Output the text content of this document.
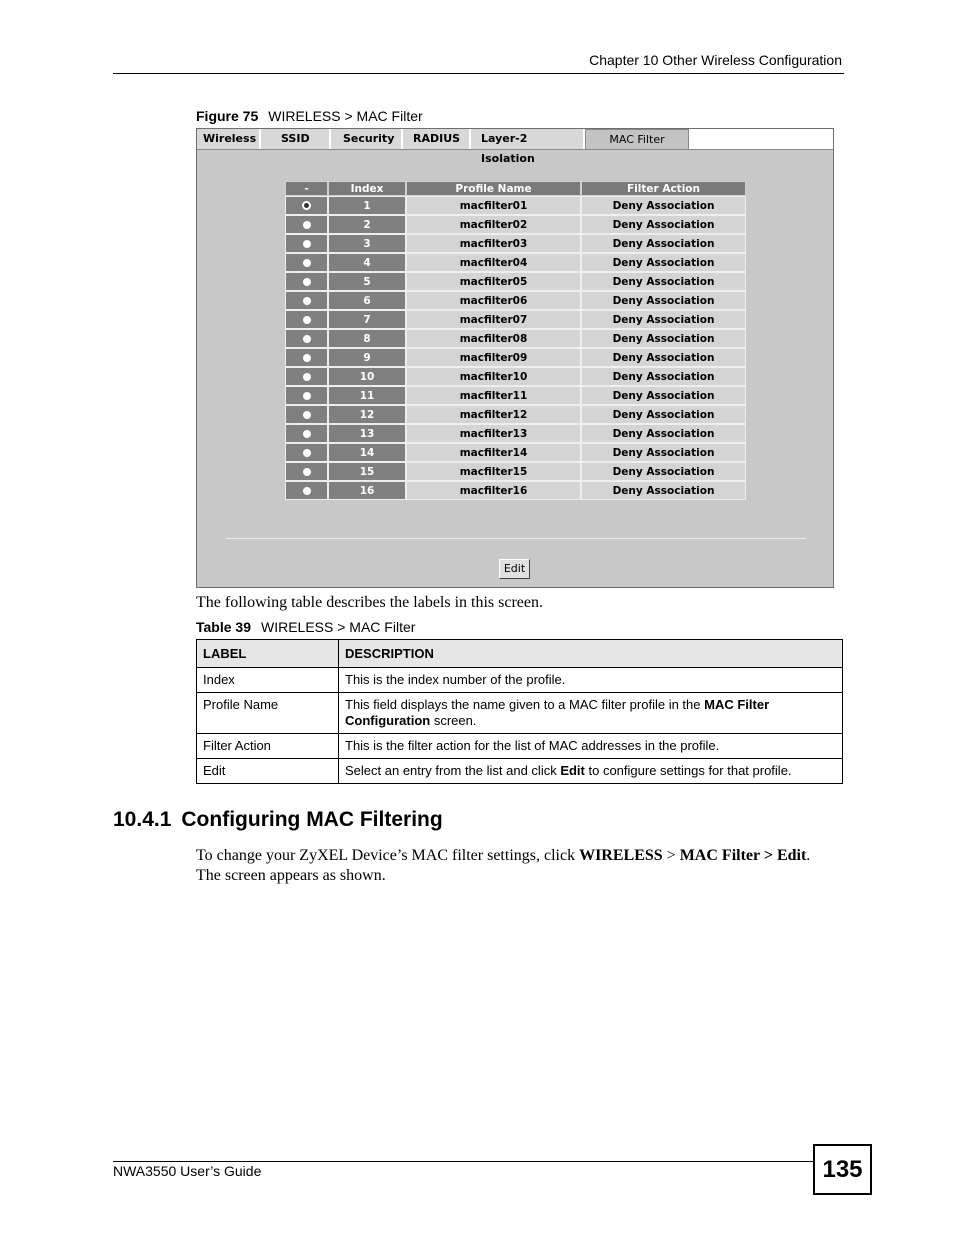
Chapter 10 Other Wireless Configuration
Figure 75 WIRELESS > MAC Filter
Wireless	SSID	Security	RADIUS	Layer-2 Isolation
MAC Filter
-	Index	Profile Name	Filter Action
	1	macfilter01	Deny Association
	2	macfilter02	Deny Association
	3	macfilter03	Deny Association
	4	macfilter04	Deny Association
	5	macfilter05	Deny Association
	6	macfilter06	Deny Association
	7	macfilter07	Deny Association
	8	macfilter08	Deny Association
	9	macfilter09	Deny Association
	10	macfilter10	Deny Association
	11	macfilter11	Deny Association
	12	macfilter12	Deny Association
	13	macfilter13	Deny Association
	14	macfilter14	Deny Association
	15	macfilter15	Deny Association
	16	macfilter16	Deny Association
Edit
The following table describes the labels in this screen.
Table 39 WIRELESS > MAC Filter
LABEL	DESCRIPTION
Index	This is the index number of the profile.
Profile Name	This field displays the name given to a MAC filter profile in the MAC Filter Configuration screen.
Filter Action	This is the filter action for the list of MAC addresses in the profile.
Edit	Select an entry from the list and click Edit to configure settings for that profile.
10.4.1 Configuring MAC Filtering
To change your ZyXEL Device’s MAC filter settings, click WIRELESS > MAC Filter > Edit. The screen appears as shown.
NWA3550 User’s Guide	135
